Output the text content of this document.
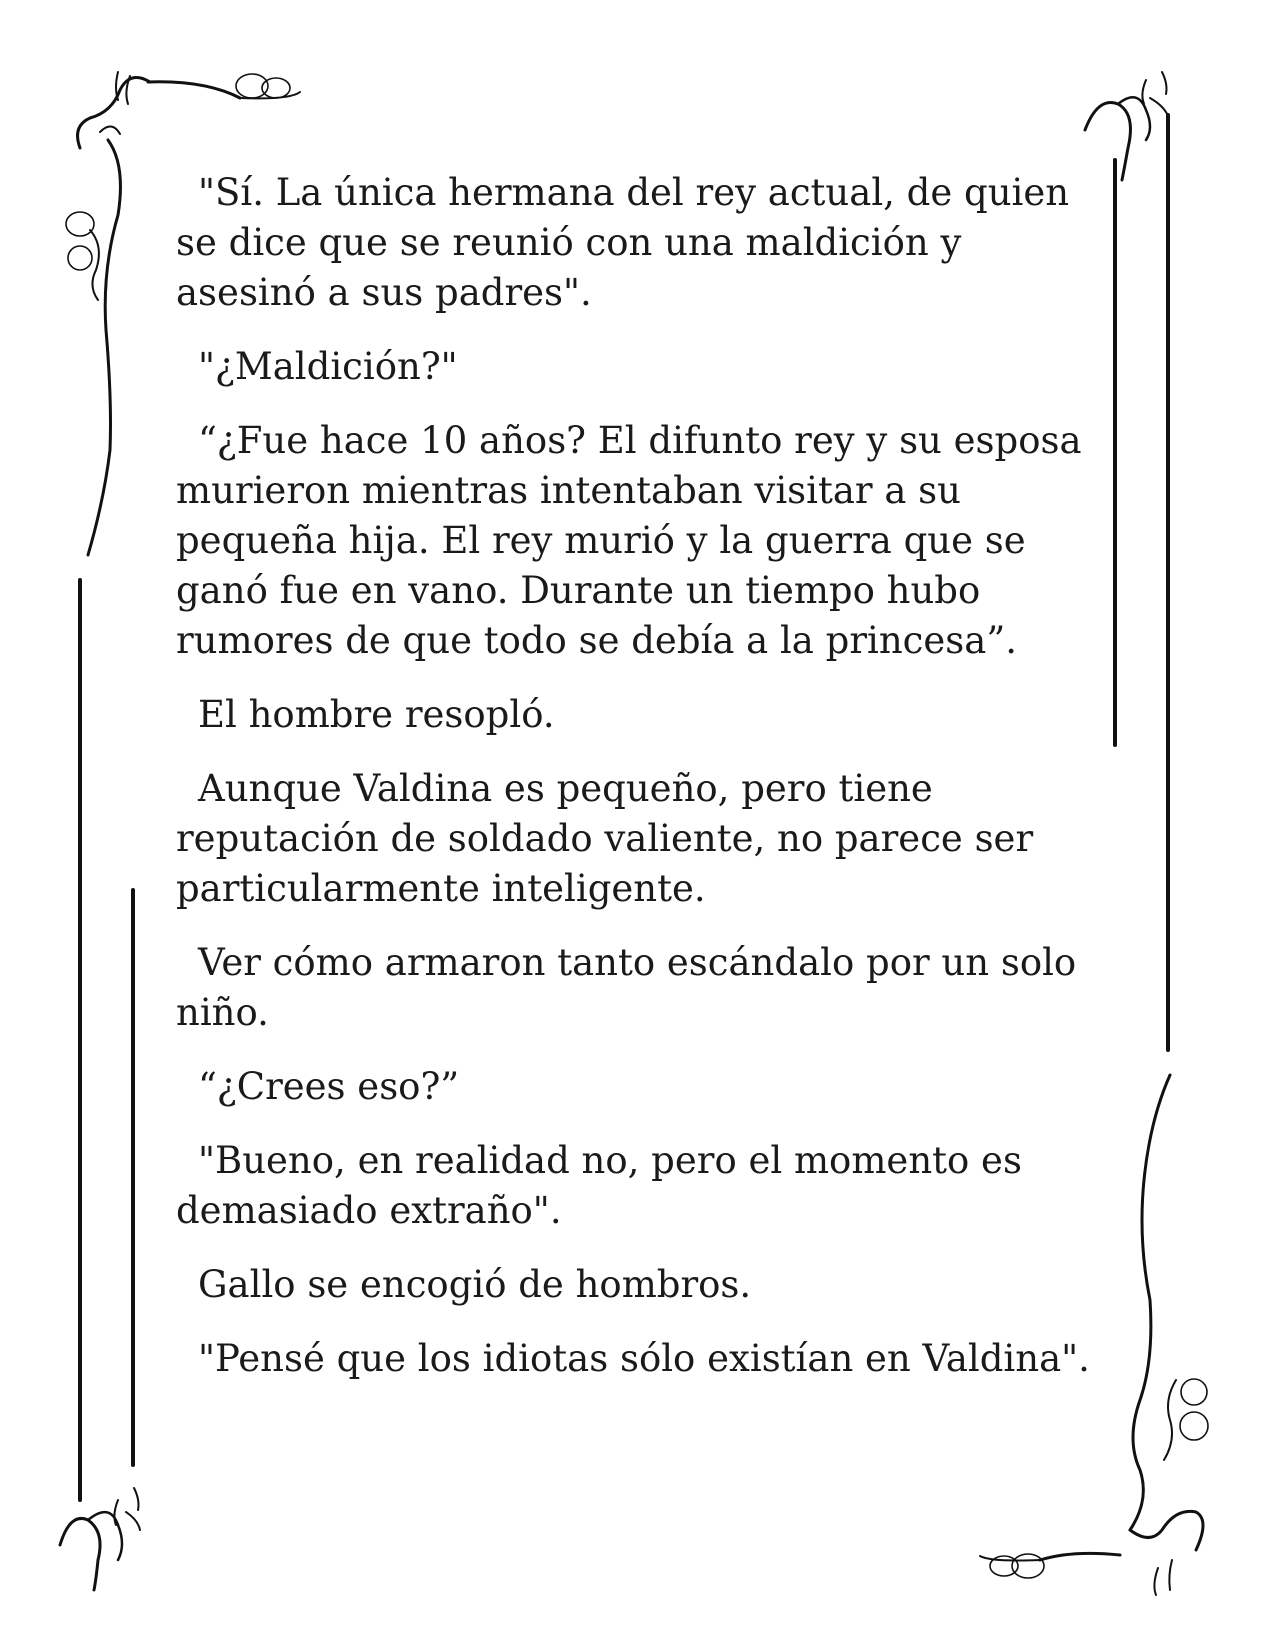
"Sí. La única hermana del rey actual, de quien se dice que se reunió con una maldición y asesinó a sus padres".

"¿Maldición?"

“¿Fue hace 10 años? El difunto rey y su esposa murieron mientras intentaban visitar a su pequeña hija. El rey murió y la guerra que se ganó fue en vano. Durante un tiempo hubo rumores de que todo se debía a la princesa”.

El hombre resopló.

Aunque Valdina es pequeño, pero tiene reputación de soldado valiente, no parece ser particularmente inteligente.

Ver cómo armaron tanto escándalo por un solo niño.

“¿Crees eso?”

"Bueno, en realidad no, pero el momento es demasiado extraño".

Gallo se encogió de hombros.

"Pensé que los idiotas sólo existían en Valdina".
